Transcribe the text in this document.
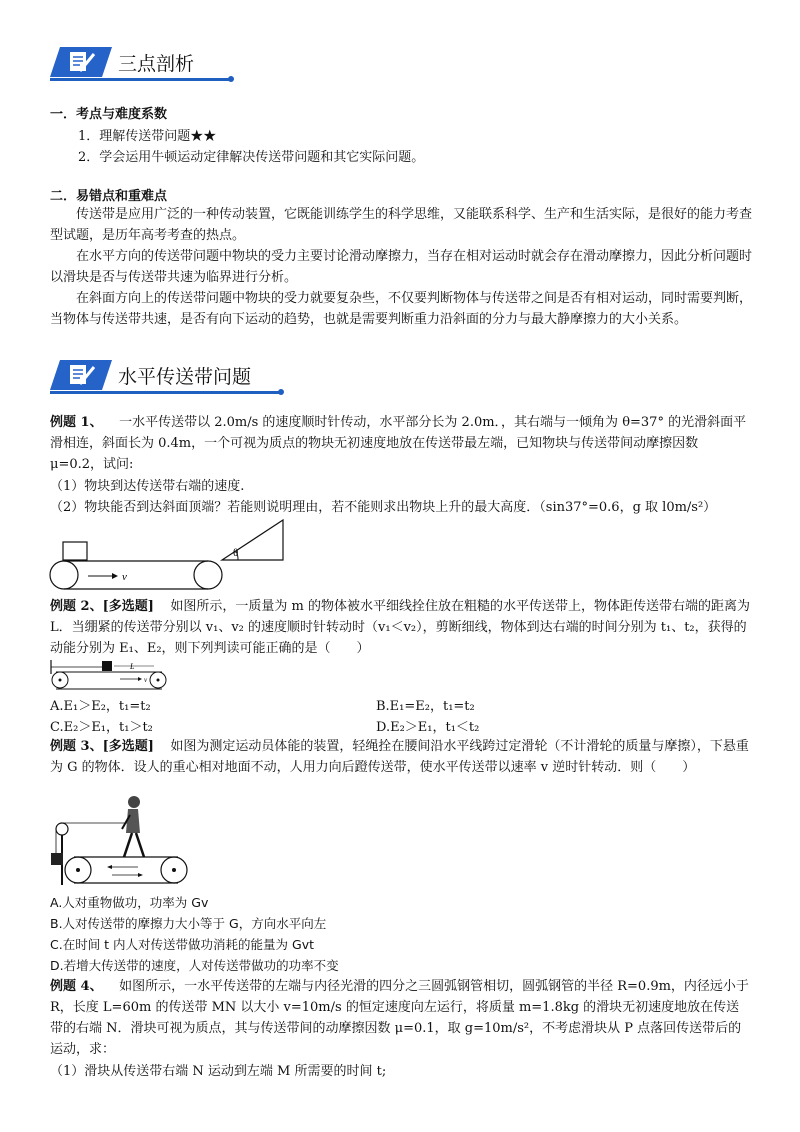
三点剖析
一．考点与难度系数
1．理解传送带问题★★
2．学会运用牛顿运动定律解决传送带问题和其它实际问题。
二．易错点和重难点
传送带是应用广泛的一种传动装置，它既能训练学生的科学思维，又能联系科学、生产和生活实际，是很好的能力考查型试题，是历年高考考查的热点。
在水平方向的传送带问题中物块的受力主要讨论滑动摩擦力，当存在相对运动时就会存在滑动摩擦力，因此分析问题时以滑块是否与传送带共速为临界进行分析。
在斜面方向上的传送带问题中物块的受力就要复杂些，不仅要判断物体与传送带之间是否有相对运动，同时需要判断，当物体与传送带共速，是否有向下运动的趋势，也就是需要判断重力沿斜面的分力与最大静摩擦力的大小关系。
水平传送带问题
例题 1、 一水平传送带以 2.0m/s 的速度顺时针传动，水平部分长为 2.0m．，其右端与一倾角为 θ=37° 的光滑斜面平滑相连，斜面长为 0.4m，一个可视为质点的物块无初速度地放在传送带最左端，已知物块与传送带间动摩擦因数 μ=0.2，试问:
（1）物块到达传送带右端的速度.
（2）物块能否到达斜面顶端？若能则说明理由，若不能则求出物块上升的最大高度．（sin37°=0.6，g 取 l0m/s²）
v
θ
例题 2、[多选题] 如图所示，一质量为 m 的物体被水平细线拴住放在粗糙的水平传送带上，物体距传送带右端的距离为 L．当绷紧的传送带分别以 v₁、v₂ 的速度顺时针转动时（v₁＜v₂），剪断细线，物体到达右端的时间分别为 t₁、t₂，获得的动能分别为 E₁、E₂，则下列判读可能正确的是（　　）
L
v
A.E₁＞E₂，t₁=t₂	B.E₁=E₂，t₁=t₂
C.E₂＞E₁，t₁＞t₂	D.E₂＞E₁，t₁＜t₂
例题 3、[多选题] 如图为测定运动员体能的装置，轻绳拴在腰间沿水平线跨过定滑轮（不计滑轮的质量与摩擦），下悬重为 G 的物体．设人的重心相对地面不动，人用力向后蹬传送带，使水平传送带以速率 v 逆时针转动．则（　　）
A.人对重物做功，功率为 Gv
B.人对传送带的摩擦力大小等于 G，方向水平向左
C.在时间 t 内人对传送带做功消耗的能量为 Gvt
D.若增大传送带的速度，人对传送带做功的功率不变
例题 4、 如图所示，一水平传送带的左端与内径光滑的四分之三圆弧钢管相切，圆弧钢管的半径 R=0.9m，内径远小于 R，长度 L=60m 的传送带 MN 以大小 v=10m/s 的恒定速度向左运行，将质量 m=1.8kg 的滑块无初速度地放在传送带的右端 N．滑块可视为质点，其与传送带间的动摩擦因数 μ=0.1，取 g=10m/s²，不考虑滑块从 P 点落回传送带后的运动，求：
（1）滑块从传送带右端 N 运动到左端 M 所需要的时间 t;
